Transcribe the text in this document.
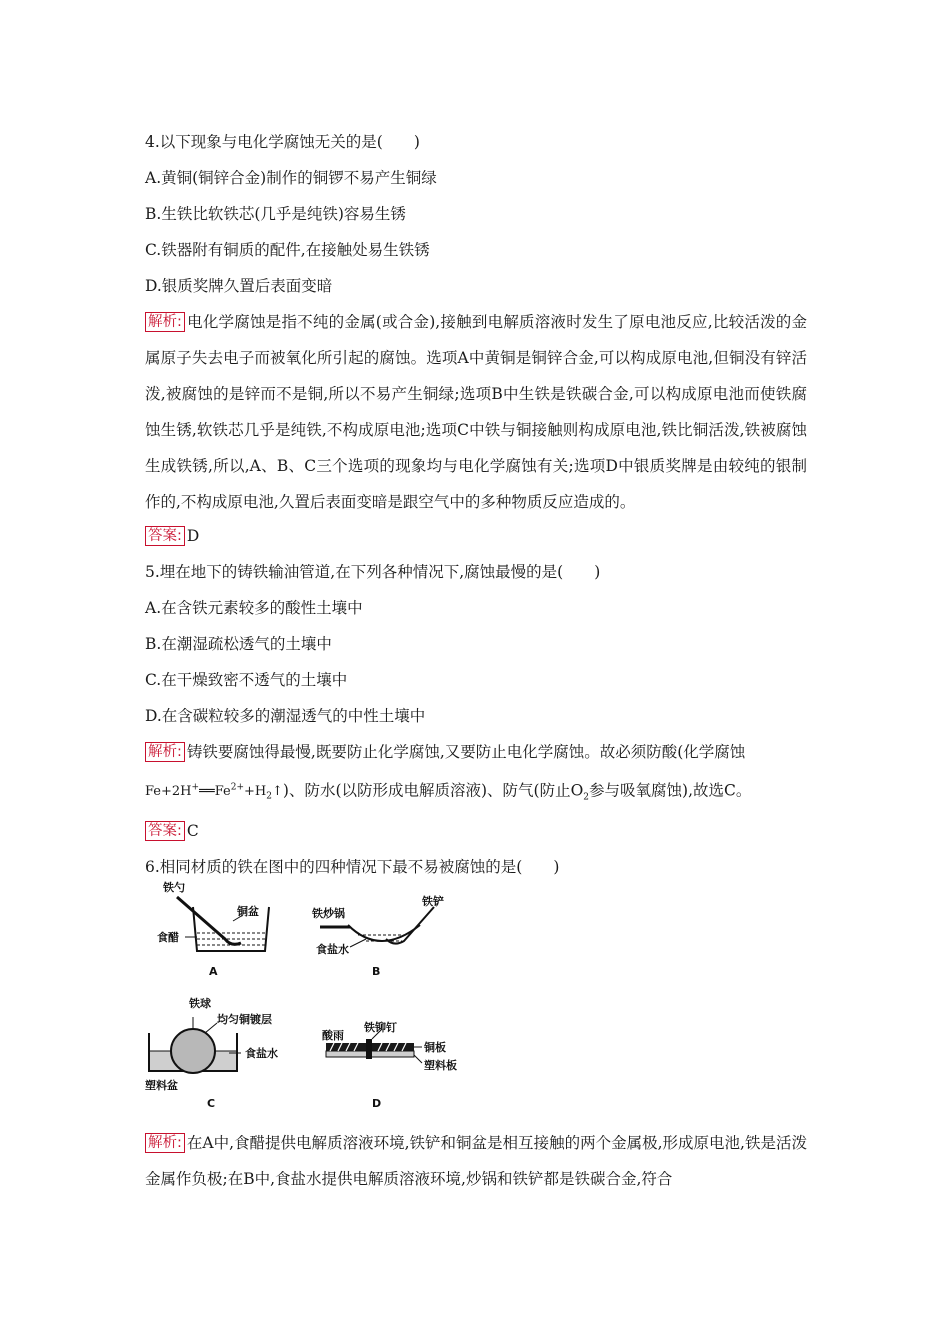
4.以下现象与电化学腐蚀无关的是(　　)
A.黄铜(铜锌合金)制作的铜锣不易产生铜绿
B.生铁比软铁芯(几乎是纯铁)容易生锈
C.铁器附有铜质的配件,在接触处易生铁锈
D.银质奖牌久置后表面变暗
解析: 电化学腐蚀是指不纯的金属(或合金),接触到电解质溶液时发生了原电池反应,比较活泼的金属原子失去电子而被氧化所引起的腐蚀。选项A中黄铜是铜锌合金,可以构成原电池,但铜没有锌活泼,被腐蚀的是锌而不是铜,所以不易产生铜绿;选项B中生铁是铁碳合金,可以构成原电池而使铁腐蚀生锈,软铁芯几乎是纯铁,不构成原电池;选项C中铁与铜接触则构成原电池,铁比铜活泼,铁被腐蚀生成铁锈,所以,A、B、C三个选项的现象均与电化学腐蚀有关;选项D中银质奖牌是由较纯的银制作的,不构成原电池,久置后表面变暗是跟空气中的多种物质反应造成的。
答案: D
5.埋在地下的铸铁输油管道,在下列各种情况下,腐蚀最慢的是(　　)
A.在含铁元素较多的酸性土壤中
B.在潮湿疏松透气的土壤中
C.在干燥致密不透气的土壤中
D.在含碳粒较多的潮湿透气的中性土壤中
解析: 铸铁要腐蚀得最慢,既要防止化学腐蚀,又要防止电化学腐蚀。故必须防酸(化学腐蚀
$Fe+2H^+══Fe^{2+}+H_2↑$)、防水(以防形成电解质溶液)、防气(防止$O_2$参与吸氧腐蚀),故选C。
答案: C
6.相同材质的铁在图中的四种情况下最不易被腐蚀的是(　　)
铁勺
铜盆
食醋
A
铁炒锅
铁铲
食盐水
B
铁球
均匀铜镀层
食盐水
塑料盆
C
酸雨
铁铆钉
铜板
塑料板
D
解析: 在A中,食醋提供电解质溶液环境,铁铲和铜盆是相互接触的两个金属极,形成原电池,铁是活泼金属作负极;在B中,食盐水提供电解质溶液环境,炒锅和铁铲都是铁碳合金,符合
